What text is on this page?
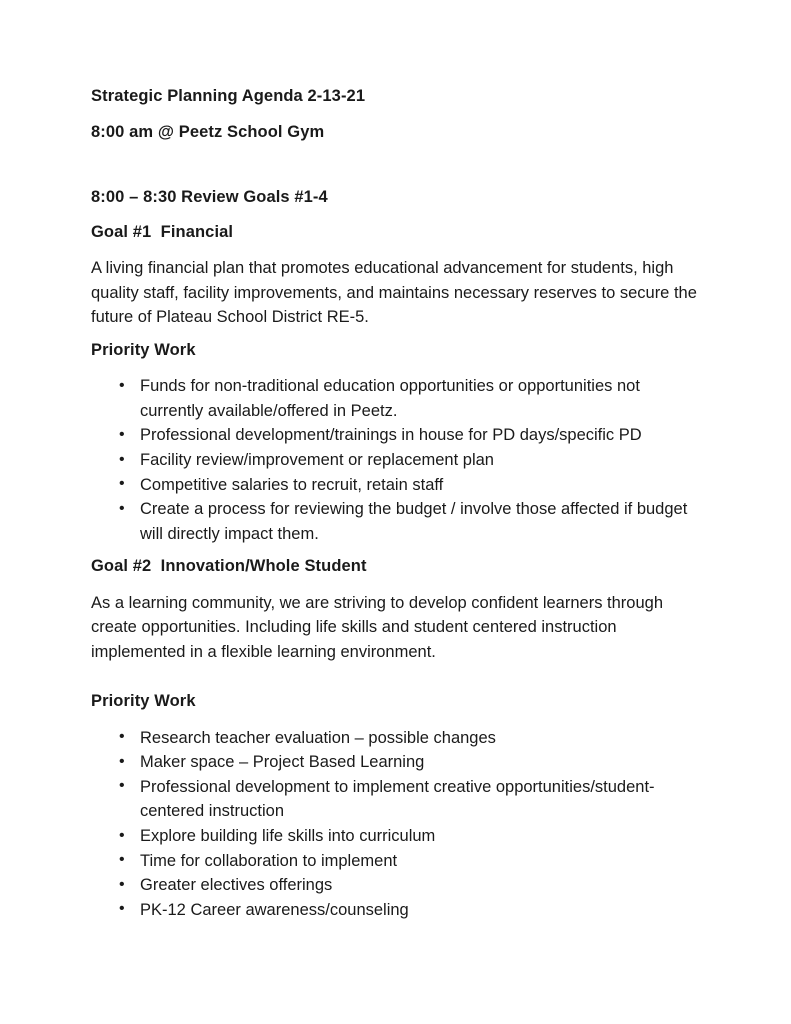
Strategic Planning Agenda 2-13-21

8:00 am @ Peetz School Gym

8:00 – 8:30 Review Goals #1-4

Goal #1  Financial

A living financial plan that promotes educational advancement for students, high quality staff, facility improvements, and maintains necessary reserves to secure the future of Plateau School District RE-5.

Priority Work

• Funds for non-traditional education opportunities or opportunities not currently available/offered in Peetz.
• Professional development/trainings in house for PD days/specific PD
• Facility review/improvement or replacement plan
• Competitive salaries to recruit, retain staff
• Create a process for reviewing the budget / involve those affected if budget will directly impact them.

Goal #2  Innovation/Whole Student

As a learning community, we are striving to develop confident learners through create opportunities. Including life skills and student centered instruction implemented in a flexible learning environment.

Priority Work

• Research teacher evaluation – possible changes
• Maker space – Project Based Learning
• Professional development to implement creative opportunities/student-centered instruction
• Explore building life skills into curriculum
• Time for collaboration to implement
• Greater electives offerings
• PK-12 Career awareness/counseling
